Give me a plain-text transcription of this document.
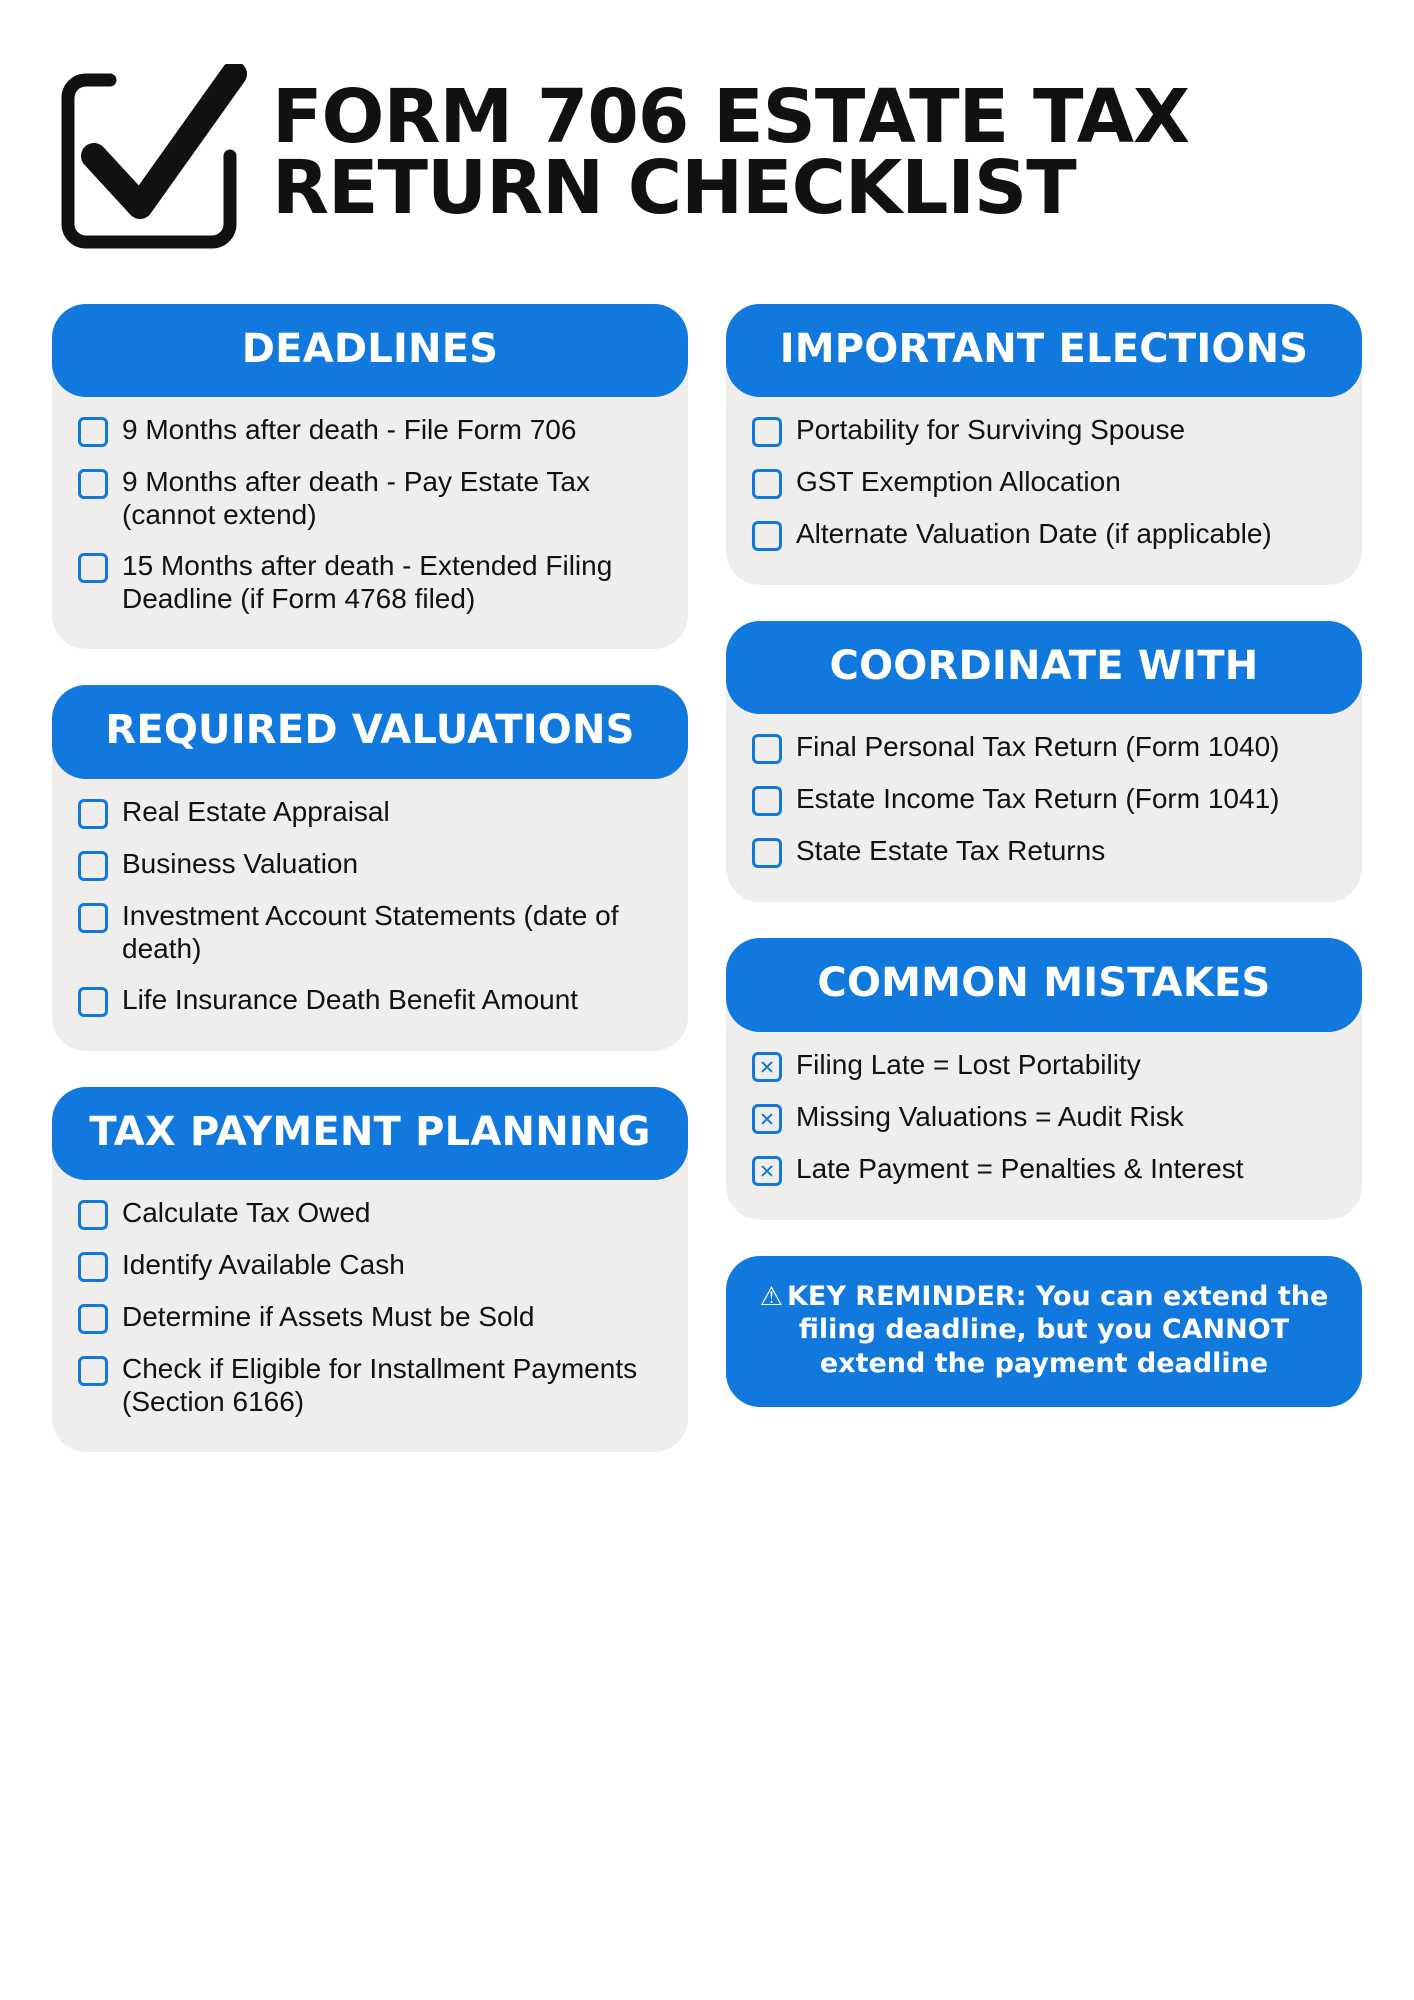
FORM 706 ESTATE TAX RETURN CHECKLIST
DEADLINES
9 Months after death - File Form 706
9 Months after death - Pay Estate Tax (cannot extend)
15 Months after death - Extended Filing Deadline (if Form 4768 filed)
REQUIRED VALUATIONS
Real Estate Appraisal
Business Valuation
Investment Account Statements (date of death)
Life Insurance Death Benefit Amount
TAX PAYMENT PLANNING
Calculate Tax Owed
Identify Available Cash
Determine if Assets Must be Sold
Check if Eligible for Installment Payments (Section 6166)
IMPORTANT ELECTIONS
Portability for Surviving Spouse
GST Exemption Allocation
Alternate Valuation Date (if applicable)
COORDINATE WITH
Final Personal Tax Return (Form 1040)
Estate Income Tax Return (Form 1041)
State Estate Tax Returns
COMMON MISTAKES
Filing Late = Lost Portability
Missing Valuations = Audit Risk
Late Payment = Penalties & Interest
⚠ KEY REMINDER: You can extend the filing deadline, but you CANNOT extend the payment deadline
